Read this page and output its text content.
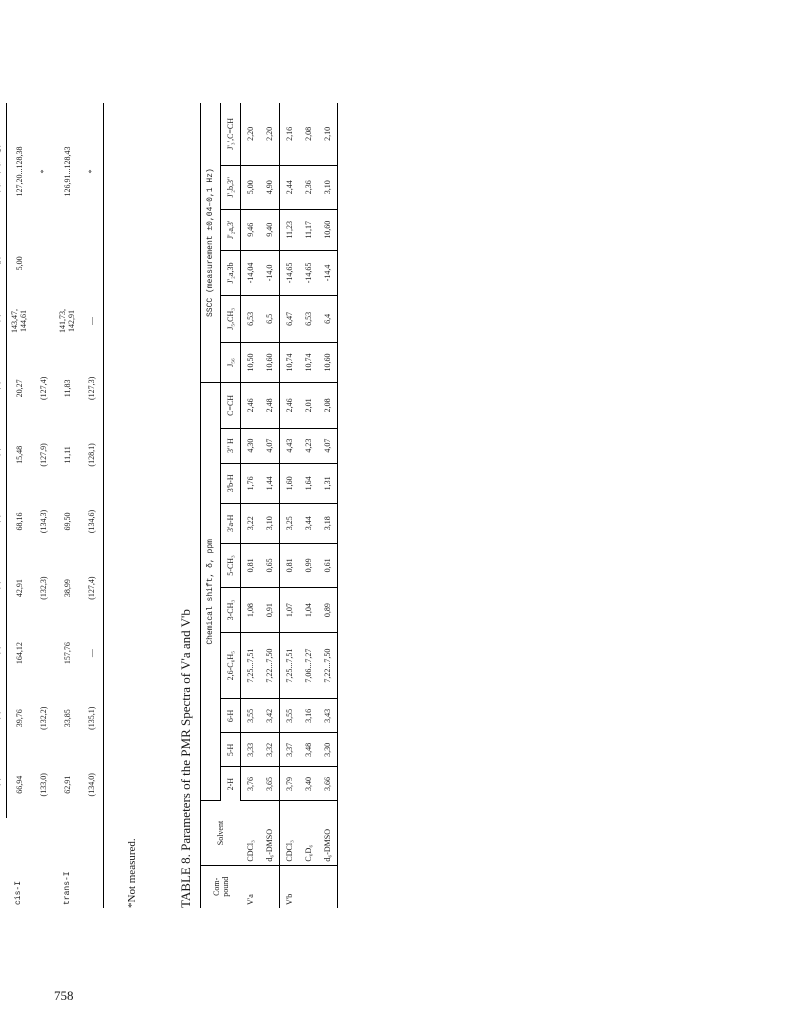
758

cis-I	66,94	39,76	164,12	42,91	68,16	15,48	20,27	143,47,
144,61	5,00	127,20...128,38
	(133,0)	(132,2)		(132,3)	(134,3)	(127,9)	(127,4)			*
trans-I	62,91	33,85	157,76	38,99	69,50	11,11	11,83	141,73,
142,91		126,91...128,43
	(134,0)	(135,1)	—	(127,4)	(134,6)	(128,1)	(127,3)	—		*
*Not measured.	TABLE 8. Parameters of the PMR Spectra of V'a and V'b Com-
pound	Solvent	Chemical shift, δ, ppm										SSCC (measurement ±0,04–0,1 Hz)					
		2-H	5-H	6-H	2,6-C₆H₅	3-CH₃	5-CH₃	3'a-H	3'b-H	3'' H	C=CH	J₅₆	J₅,CH₃	J'₂a,3b	J'₂a,3'	J'₂b,3''	J'₃',C=CH
V'a	CDCl₃	3,76	3,33	3,55	7,25...7,51	1,08	0,81	3,22	1,76	4,30	2,46	10,50	6,53	-14,04	9,46	5,00	2,20
	d₆-DMSO	3,65	3,32	3,42	7,22...7,50	0,91	0,65	3,10	1,44	4,07	2,48	10,60	6,5	-14,0	9,40	4,90	2,20
V'b	CDCl₃	3,79	3,37	3,55	7,25...7,51	1,07	0,81	3,25	1,60	4,43	2,46	10,74	6,47	-14,65	11,23	2,44	2,16
	C₆D₆	3,40	3,48	3,16	7,06...7,27	1,04	0,99	3,44	1,64	4,23	2,01	10,74	6,53	-14,65	11,17	2,36	2,08
	d₆-DMSO	3,66	3,30	3,43	7,22...7,50	0,89	0,61	3,18	1,31	4,07	2,08	10,60	6,4	-14,4	10,60	3,10	2,10
